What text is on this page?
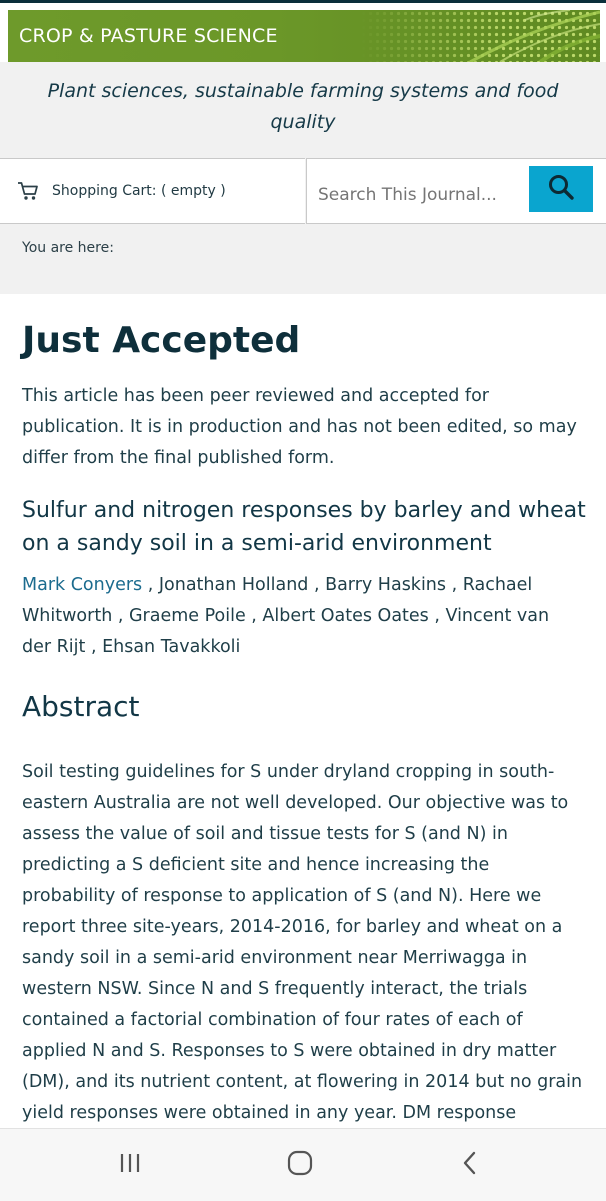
CROP & PASTURE SCIENCE
Plant sciences, sustainable farming systems and food quality
Shopping Cart: ( empty )
Search This Journal...
You are here:
Just Accepted
This article has been peer reviewed and accepted for publication. It is in production and has not been edited, so may differ from the final published form.
Sulfur and nitrogen responses by barley and wheat on a sandy soil in a semi-arid environment
Mark Conyers , Jonathan Holland , Barry Haskins , Rachael Whitworth , Graeme Poile , Albert Oates Oates , Vincent van der Rijt , Ehsan Tavakkoli
Abstract
Soil testing guidelines for S under dryland cropping in south-eastern Australia are not well developed. Our objective was to assess the value of soil and tissue tests for S (and N) in predicting a S deficient site and hence increasing the probability of response to application of S (and N). Here we report three site-years, 2014-2016, for barley and wheat on a sandy soil in a semi-arid environment near Merriwagga in western NSW. Since N and S frequently interact, the trials contained a factorial combination of four rates of each of applied N and S. Responses to S were obtained in dry matter (DM), and its nutrient content, at flowering in 2014 but no grain yield responses were obtained in any year. DM response
